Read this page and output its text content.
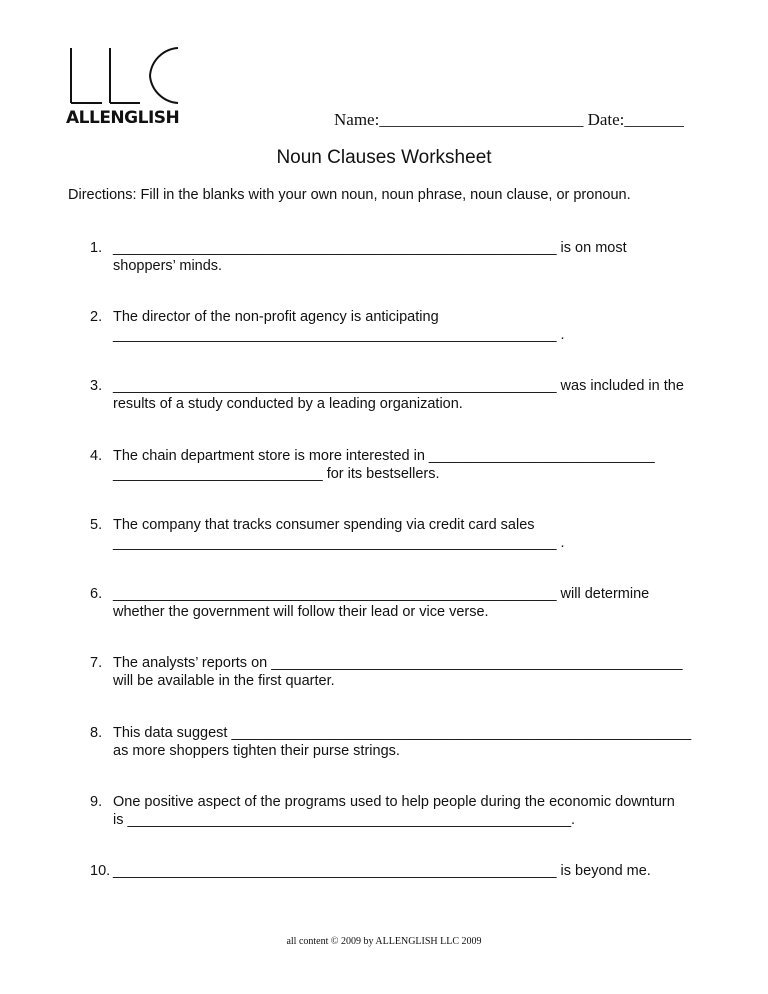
ALLENGLISH	Name:________________________ Date:_______
Noun Clauses Worksheet
Directions: Fill in the blanks with your own noun, noun phrase, noun clause, or pronoun.
1. _______________________________________________________ is on most
shoppers’ minds.
2. The director of the non-profit agency is anticipating
_______________________________________________________ .
3. _______________________________________________________ was included in the
results of a study conducted by a leading organization.
4. The chain department store is more interested in ____________________________
__________________________ for its bestsellers.
5. The company that tracks consumer spending via credit card sales
_______________________________________________________ .
6. _______________________________________________________ will determine
whether the government will follow their lead or vice verse.
7. The analysts’ reports on ___________________________________________________
will be available in the first quarter.
8. This data suggest _________________________________________________________
as more shoppers tighten their purse strings.
9. One positive aspect of the programs used to help people during the economic downturn
is _______________________________________________________.
10. _______________________________________________________ is beyond me.
all content © 2009 by ALLENGLISH LLC 2009
